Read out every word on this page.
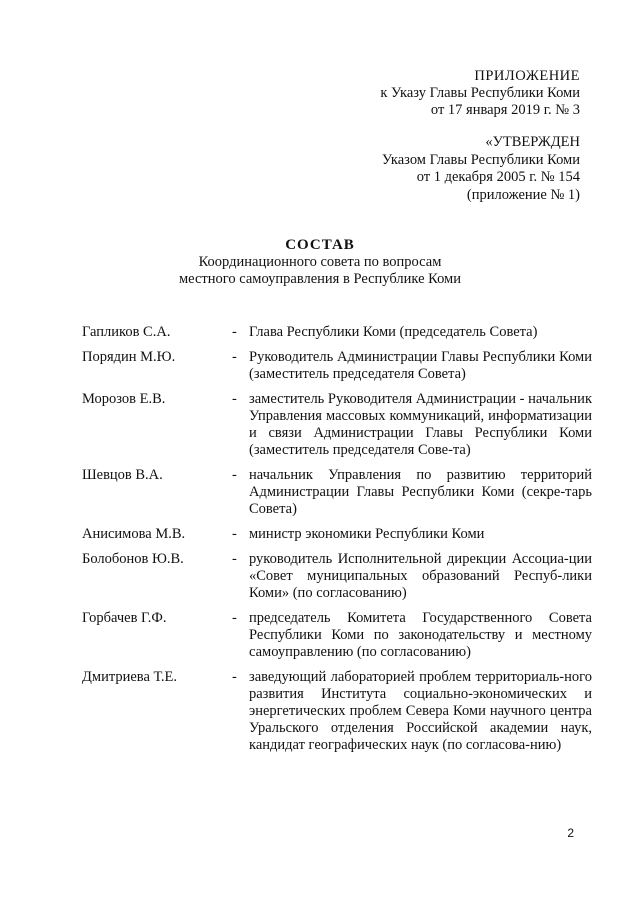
ПРИЛОЖЕНИЕ
к Указу Главы Республики Коми
от 17 января 2019 г. № 3
«УТВЕРЖДЕН
Указом Главы Республики Коми
от 1 декабря 2005 г. № 154
(приложение № 1)
СОСТАВ
Координационного совета по вопросам
местного самоуправления в Республике Коми
Гапликов С.А.	- Глава Республики Коми (председатель Совета)
Порядин М.Ю.	- Руководитель Администрации Главы Республики Коми (заместитель председателя Совета)
Морозов Е.В.	- заместитель Руководителя Администрации - начальник Управления массовых коммуникаций, информатизации и связи Администрации Главы Республики Коми (заместитель председателя Сове-та)
Шевцов В.А.	- начальник Управления по развитию территорий Администрации Главы Республики Коми (секре-тарь Совета)
Анисимова М.В.	- министр экономики Республики Коми
Болобонов Ю.В.	- руководитель Исполнительной дирекции Ассоциа-ции «Совет муниципальных образований Респуб-лики Коми» (по согласованию)
Горбачев Г.Ф.	- председатель Комитета Государственного Совета Республики Коми по законодательству и местному самоуправлению (по согласованию)
Дмитриева Т.Е.	- заведующий лабораторией проблем территориаль-ного развития Института социально-экономических и энергетических проблем Севера Коми научного центра Уральского отделения Российской академии наук, кандидат географических наук (по согласова-нию)
2
